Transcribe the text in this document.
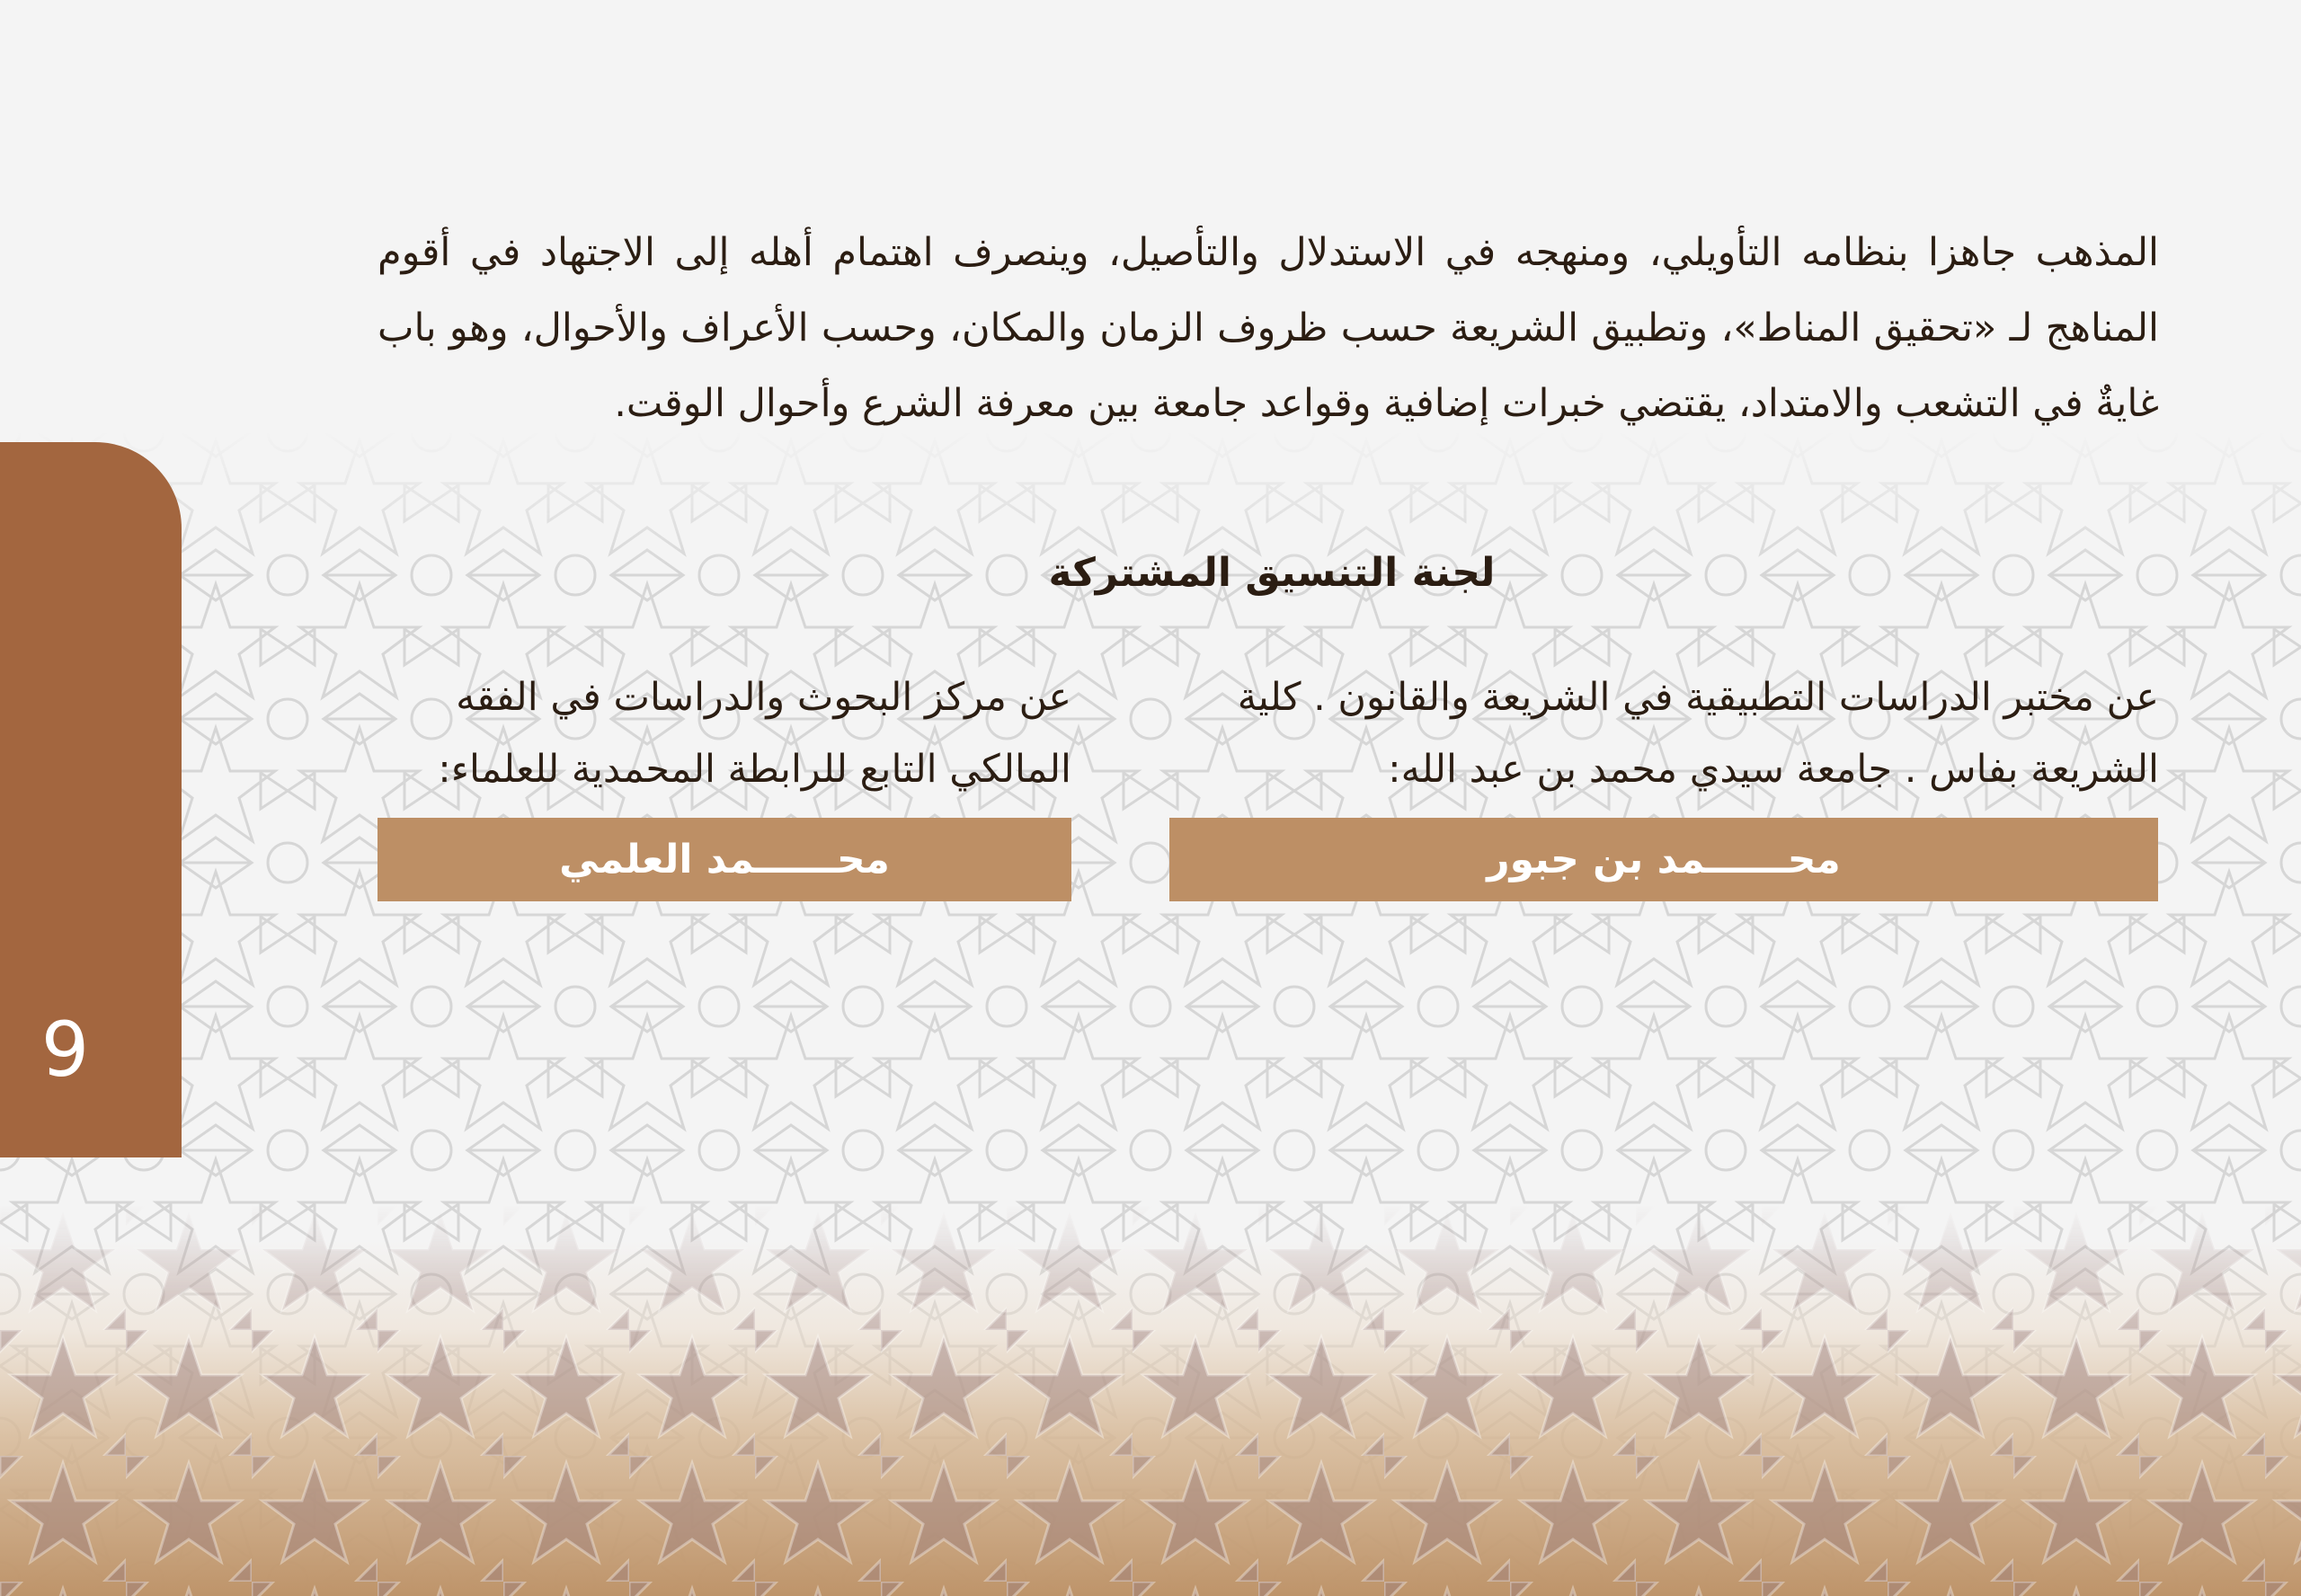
9

المذهب جاهزا بنظامه التأويلي، ومنهجه في الاستدلال والتأصيل، وينصرف اهتمام أهله إلى الاجتهاد في أقوم المناهج لـ «تحقيق المناط»، وتطبيق الشريعة حسب ظروف الزمان والمكان، وحسب الأعراف والأحوال، وهو باب غايةٌ في التشعب والامتداد، يقتضي خبرات إضافية وقواعد جامعة بين معرفة الشرع وأحوال الوقت.

لجنة التنسيق المشتركة
عن مختبر الدراسات التطبيقية في الشريعة والقانون . كلية الشريعة بفاس . جامعة سيدي محمد بن عبد الله:
عن مركز البحوث والدراسات في الفقه المالكي التابع للرابطة المحمدية للعلماء:
محــــــمد بن جبور
محــــــمد العلمي
